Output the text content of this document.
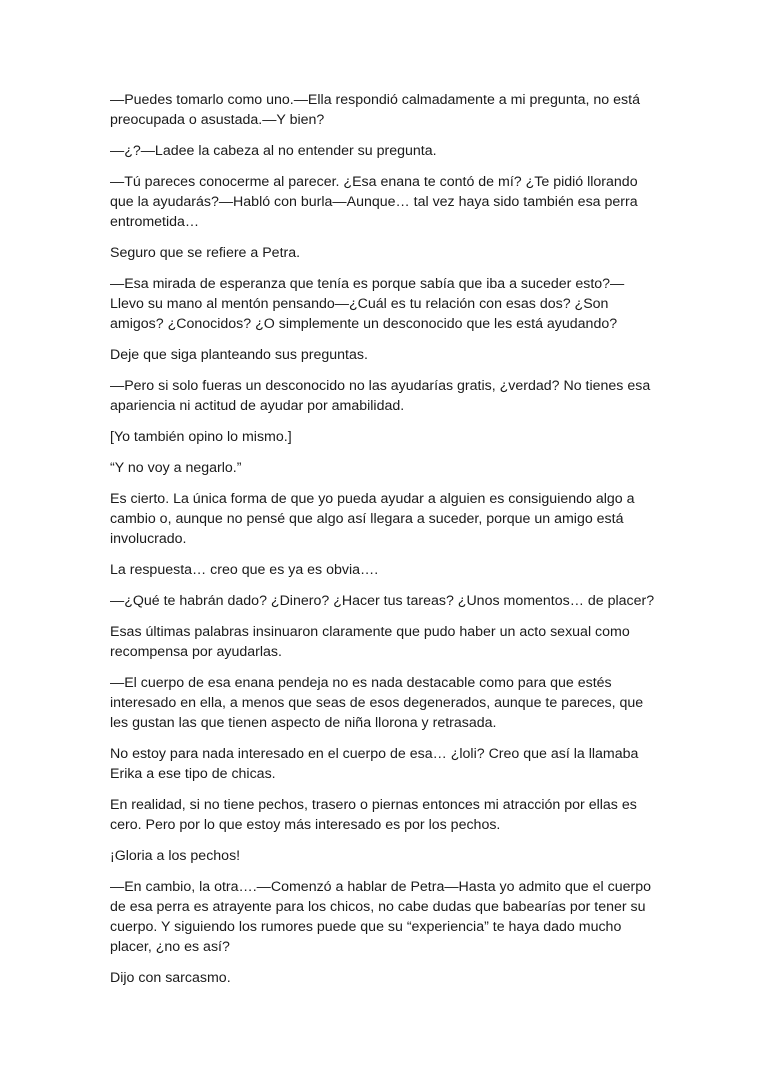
—Puedes tomarlo como uno.—Ella respondió calmadamente a mi pregunta, no está preocupada o asustada.—Y bien?

—¿?—Ladee la cabeza al no entender su pregunta.

—Tú pareces conocerme al parecer. ¿Esa enana te contó de mí? ¿Te pidió llorando que la ayudarás?—Habló con burla—Aunque… tal vez haya sido también esa perra entrometida…

Seguro que se refiere a Petra.

—Esa mirada de esperanza que tenía es porque sabía que iba a suceder esto?—Llevo su mano al mentón pensando—¿Cuál es tu relación con esas dos? ¿Son amigos? ¿Conocidos? ¿O simplemente un desconocido que les está ayudando?

Deje que siga planteando sus preguntas.

—Pero si solo fueras un desconocido no las ayudarías gratis, ¿verdad? No tienes esa apariencia ni actitud de ayudar por amabilidad.

[Yo también opino lo mismo.]

“Y no voy a negarlo.”

Es cierto. La única forma de que yo pueda ayudar a alguien es consiguiendo algo a cambio o, aunque no pensé que algo así llegara a suceder, porque un amigo está involucrado.

La respuesta… creo que es ya es obvia….

—¿Qué te habrán dado? ¿Dinero? ¿Hacer tus tareas? ¿Unos momentos… de placer?

Esas últimas palabras insinuaron claramente que pudo haber un acto sexual como recompensa por ayudarlas.

—El cuerpo de esa enana pendeja no es nada destacable como para que estés interesado en ella, a menos que seas de esos degenerados, aunque te pareces, que les gustan las que tienen aspecto de niña llorona y retrasada.

No estoy para nada interesado en el cuerpo de esa… ¿loli? Creo que así la llamaba Erika a ese tipo de chicas.

En realidad, si no tiene pechos, trasero o piernas entonces mi atracción por ellas es cero. Pero por lo que estoy más interesado es por los pechos.

¡Gloria a los pechos!

—En cambio, la otra….—Comenzó a hablar de Petra—Hasta yo admito que el cuerpo de esa perra es atrayente para los chicos, no cabe dudas que babearías por tener su cuerpo. Y siguiendo los rumores puede que su “experiencia” te haya dado mucho placer, ¿no es así?

Dijo con sarcasmo.
